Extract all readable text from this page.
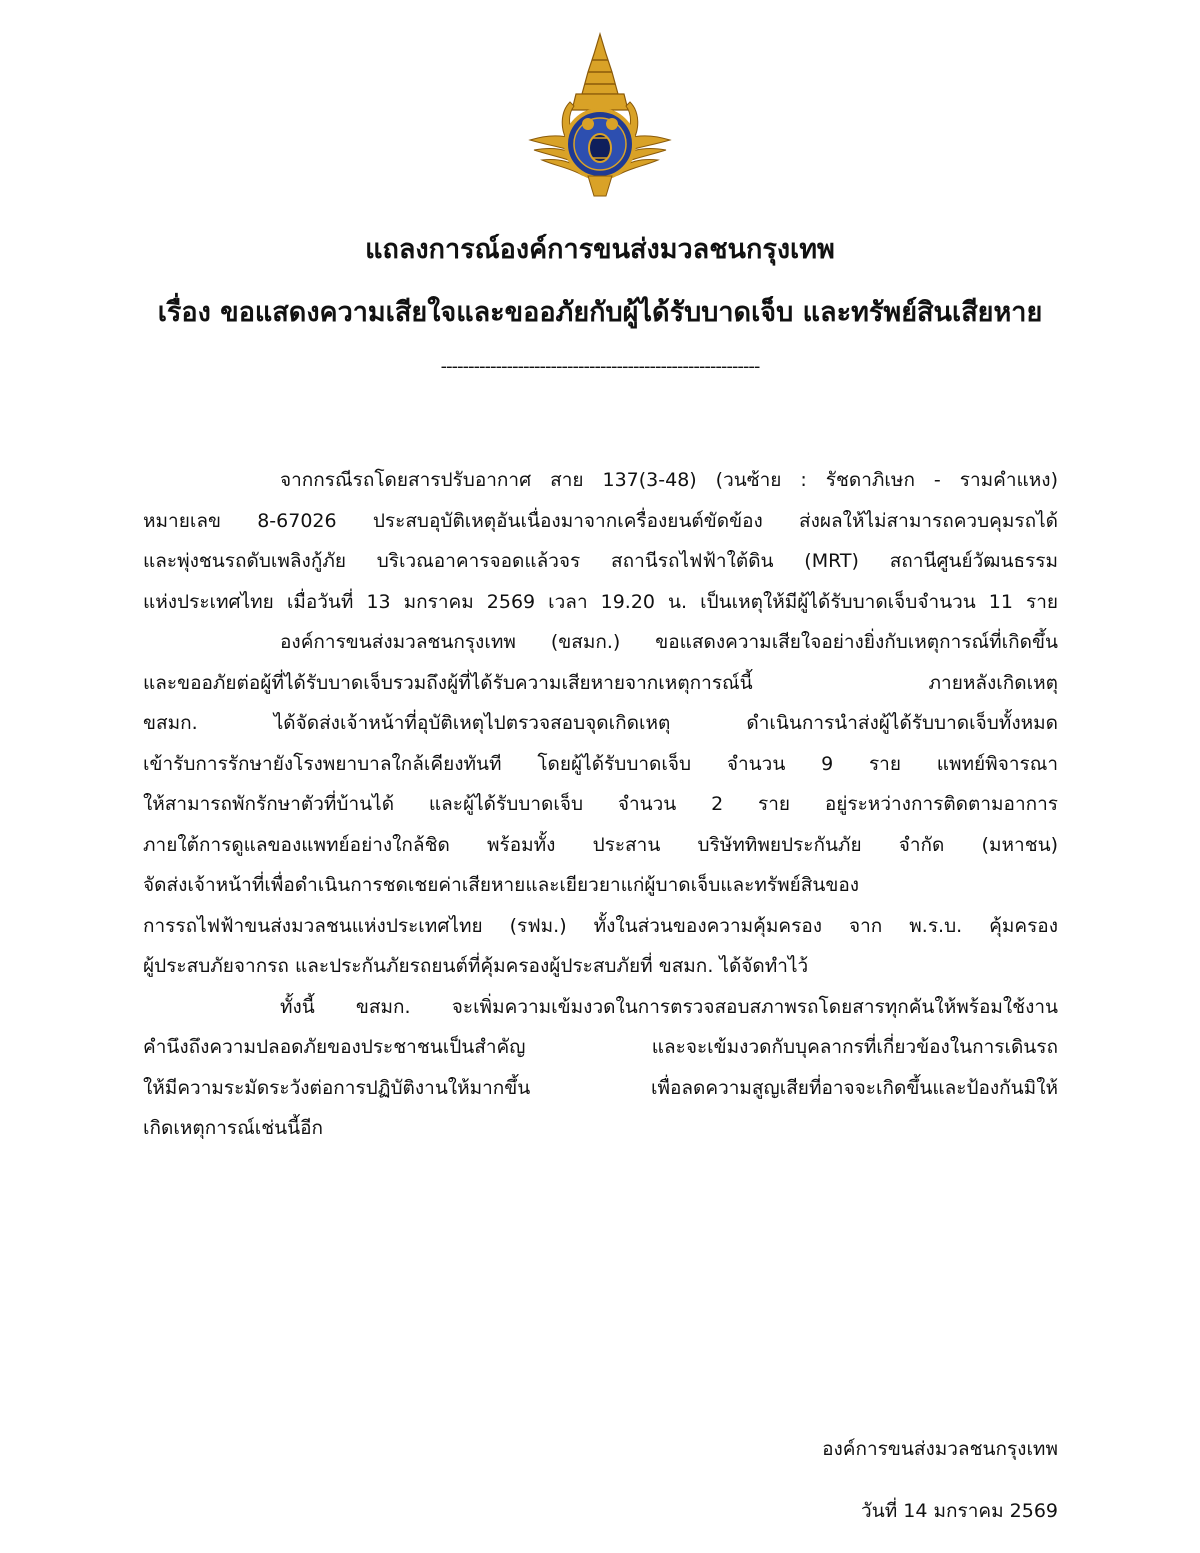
แถลงการณ์องค์การขนส่งมวลชนกรุงเทพ
เรื่อง ขอแสดงความเสียใจและขออภัยกับผู้ได้รับบาดเจ็บ และทรัพย์สินเสียหาย
----------------------------------------------------------
จากกรณีรถโดยสารปรับอากาศ สาย 137(3-48) (วนซ้าย : รัชดาภิเษก - รามคำแหง)
หมายเลข 8-67026 ประสบอุบัติเหตุอันเนื่องมาจากเครื่องยนต์ขัดข้อง ส่งผลให้ไม่สามารถควบคุมรถได้
และพุ่งชนรถดับเพลิงกู้ภัย บริเวณอาคารจอดแล้วจร สถานีรถไฟฟ้าใต้ดิน (MRT) สถานีศูนย์วัฒนธรรม
แห่งประเทศไทย เมื่อวันที่ 13 มกราคม 2569 เวลา 19.20 น. เป็นเหตุให้มีผู้ได้รับบาดเจ็บจำนวน 11 ราย
องค์การขนส่งมวลชนกรุงเทพ (ขสมก.) ขอแสดงความเสียใจอย่างยิ่งกับเหตุการณ์ที่เกิดขึ้น
และขออภัยต่อผู้ที่ได้รับบาดเจ็บรวมถึงผู้ที่ได้รับความเสียหายจากเหตุการณ์นี้ ภายหลังเกิดเหตุ
ขสมก. ได้จัดส่งเจ้าหน้าที่อุบัติเหตุไปตรวจสอบจุดเกิดเหตุ ดำเนินการนำส่งผู้ได้รับบาดเจ็บทั้งหมด
เข้ารับการรักษายังโรงพยาบาลใกล้เคียงทันที โดยผู้ได้รับบาดเจ็บ จำนวน 9 ราย แพทย์พิจารณา
ให้สามารถพักรักษาตัวที่บ้านได้ และผู้ได้รับบาดเจ็บ จำนวน 2 ราย อยู่ระหว่างการติดตามอาการ
ภายใต้การดูแลของแพทย์อย่างใกล้ชิด พร้อมทั้ง ประสาน บริษัททิพยประกันภัย จำกัด (มหาชน)
จัดส่งเจ้าหน้าที่เพื่อดำเนินการชดเชยค่าเสียหายและเยียวยาแก่ผู้บาดเจ็บและทรัพย์สินของ
การรถไฟฟ้าขนส่งมวลชนแห่งประเทศไทย (รฟม.) ทั้งในส่วนของความคุ้มครอง จาก พ.ร.บ. คุ้มครอง
ผู้ประสบภัยจากรถ และประกันภัยรถยนต์ที่คุ้มครองผู้ประสบภัยที่ ขสมก. ได้จัดทำไว้
ทั้งนี้ ขสมก. จะเพิ่มความเข้มงวดในการตรวจสอบสภาพรถโดยสารทุกคันให้พร้อมใช้งาน
คำนึงถึงความปลอดภัยของประชาชนเป็นสำคัญ และจะเข้มงวดกับบุคลากรที่เกี่ยวข้องในการเดินรถ
ให้มีความระมัดระวังต่อการปฏิบัติงานให้มากขึ้น เพื่อลดความสูญเสียที่อาจจะเกิดขึ้นและป้องกันมิให้
เกิดเหตุการณ์เช่นนี้อีก
องค์การขนส่งมวลชนกรุงเทพ
วันที่ 14 มกราคม 2569
